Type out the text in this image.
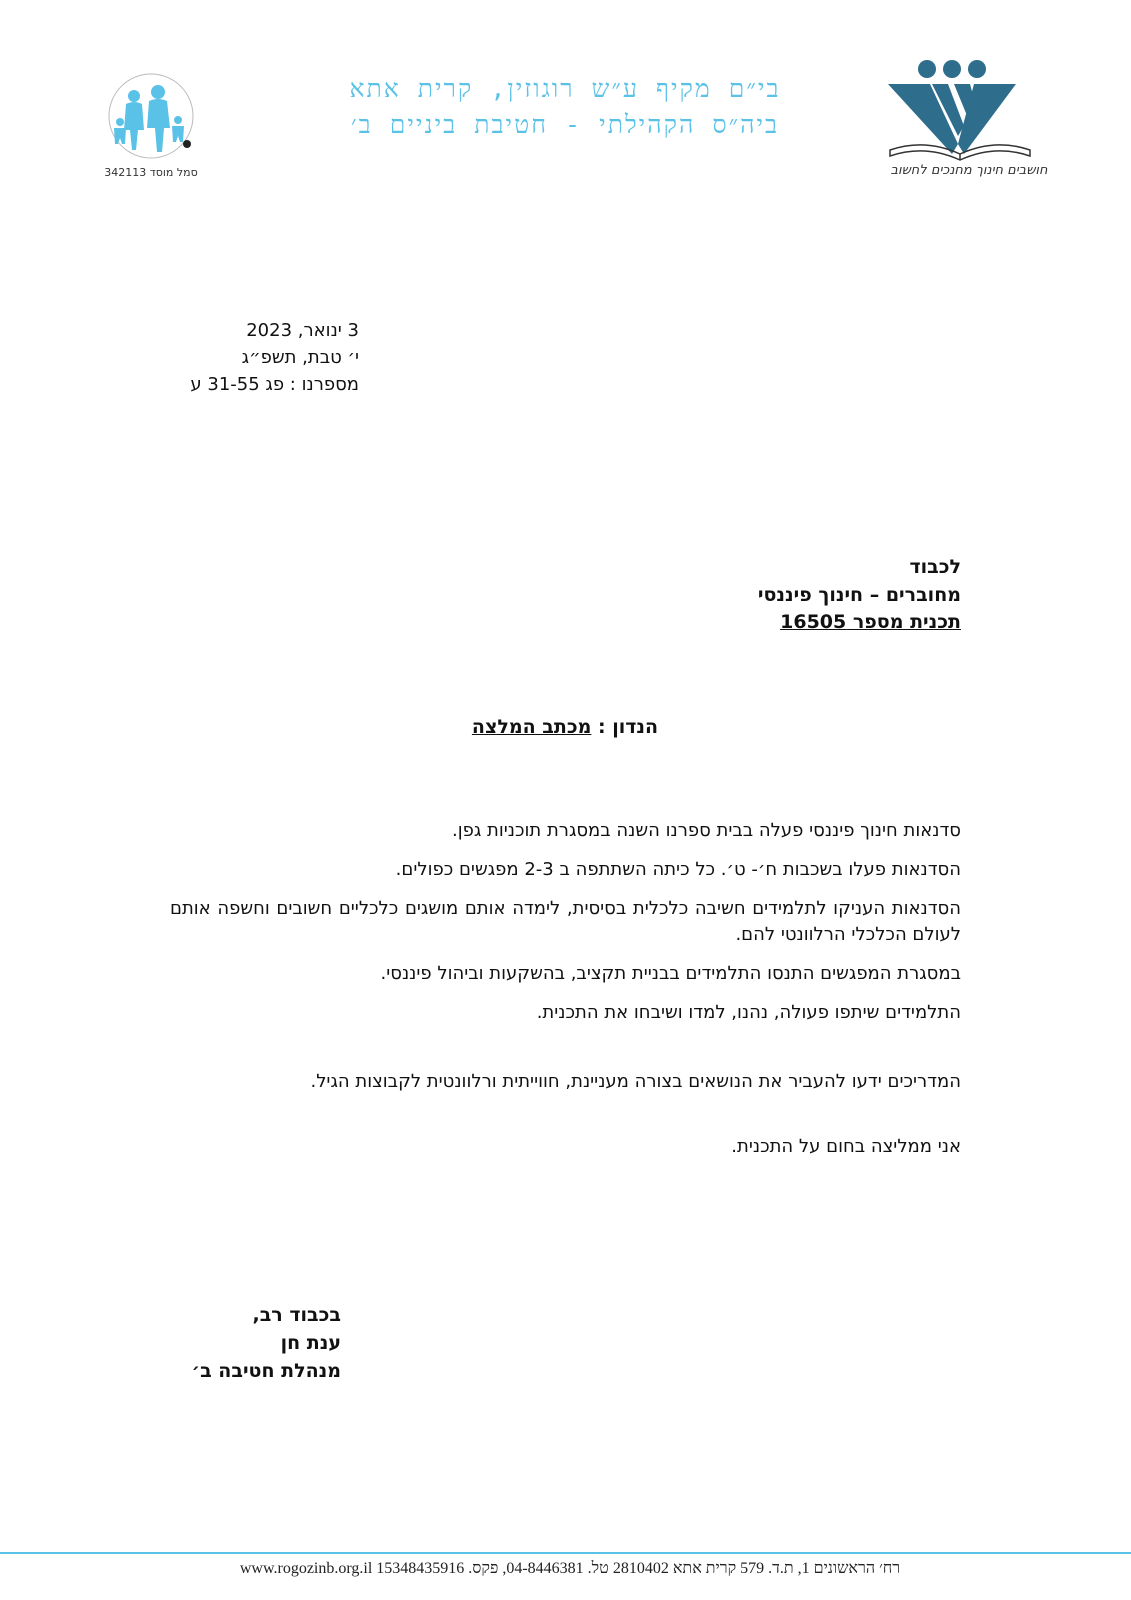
חושבים חינוך מחנכים לחשוב
בי״ם מקיף ע״ש רוגוזין, קרית אתא
ביה״ס הקהילתי - חטיבת ביניים ב׳
סמל מוסד 342113
3 ינואר, 2023
י׳ טבת, תשפ״ג
מספרנו : פג 31-55 ע
לכבוד
מחוברים – חינוך פיננסי
תכנית מספר 16505
הנדון : מכתב המלצה
סדנאות חינוך פיננסי פעלה בבית ספרנו השנה במסגרת תוכניות גפן.
הסדנאות פעלו בשכבות ח׳- ט׳. כל כיתה השתתפה ב 2-3 מפגשים כפולים.
הסדנאות העניקו לתלמידים חשיבה כלכלית בסיסית, לימדה אותם מושגים כלכליים חשובים וחשפה אותם לעולם הכלכלי הרלוונטי להם.
במסגרת המפגשים התנסו התלמידים בבניית תקציב, בהשקעות וביהול פיננסי.
התלמידים שיתפו פעולה, נהנו, למדו ושיבחו את התכנית.
המדריכים ידעו להעביר את הנושאים בצורה מעניינת, חווייתית ורלוונטית לקבוצות הגיל.
אני ממליצה בחום על התכנית.
בכבוד רב,
ענת חן
מנהלת חטיבה ב׳
רח׳ הראשונים 1, ת.ד. 579 קרית אתא 2810402 טל. 04-8446381, פקס. 15348435916 www.rogozinb.org.il
